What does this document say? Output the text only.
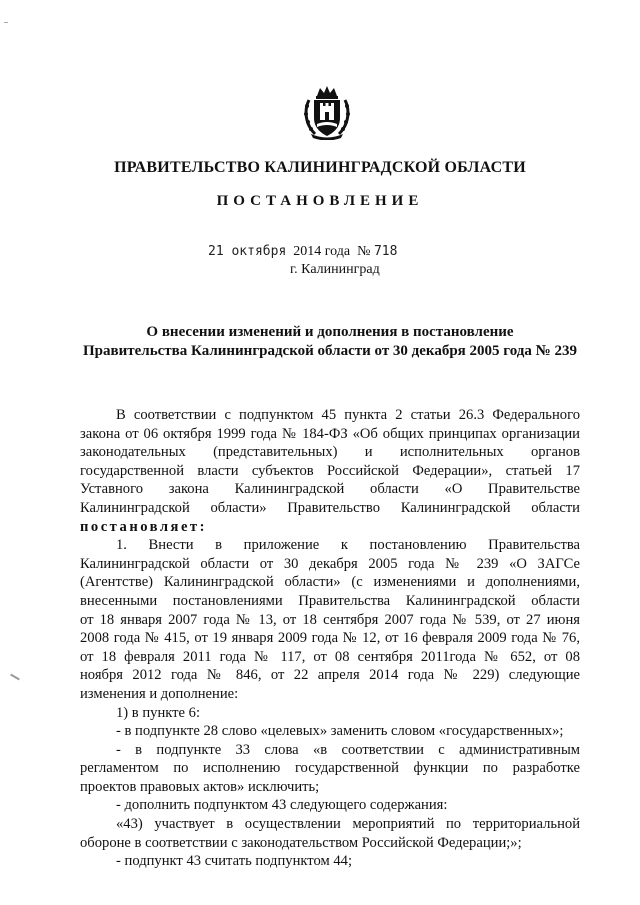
ПРАВИТЕЛЬСТВО КАЛИНИНГРАДСКОЙ ОБЛАСТИ
ПОСТАНОВЛЕНИЕ
21 октября 2014 года № 718
г. Калининград
О внесении изменений и дополнения в постановление
Правительства Калининградской области от 30 декабря 2005 года № 239

В соответствии с подпунктом 45 пункта 2 статьи 26.3 Федерального

закона от 06 октября 1999 года № 184-ФЗ «Об общих принципах организации

законодательных (представительных) и исполнительных органов

государственной власти субъектов Российской Федерации», статьей 17

Уставного закона Калининградской области «О Правительстве

Калининградской области» Правительство Калининградской области

постановляет:

1. Внести в приложение к постановлению Правительства

Калининградской области от 30 декабря 2005 года № 239 «О ЗАГСе

(Агентстве) Калининградской области» (с изменениями и дополнениями,

внесенными постановлениями Правительства Калининградской области

от 18 января 2007 года № 13, от 18 сентября 2007 года № 539, от 27 июня

2008 года № 415, от 19 января 2009 года № 12, от 16 февраля 2009 года № 76,

от 18 февраля 2011 года № 117, от 08 сентября 2011года № 652, от 08

ноября 2012 года № 846, от 22 апреля 2014 года № 229) следующие

изменения и дополнение:

1) в пункте 6:

- в подпункте 28 слово «целевых» заменить словом «государственных»;

- в подпункте 33 слова «в соответствии с административным

регламентом по исполнению государственной функции по разработке

проектов правовых актов» исключить;

- дополнить подпунктом 43 следующего содержания:

«43) участвует в осуществлении мероприятий по территориальной

обороне в соответствии с законодательством Российской Федерации;»;

- подпункт 43 считать подпунктом 44;
